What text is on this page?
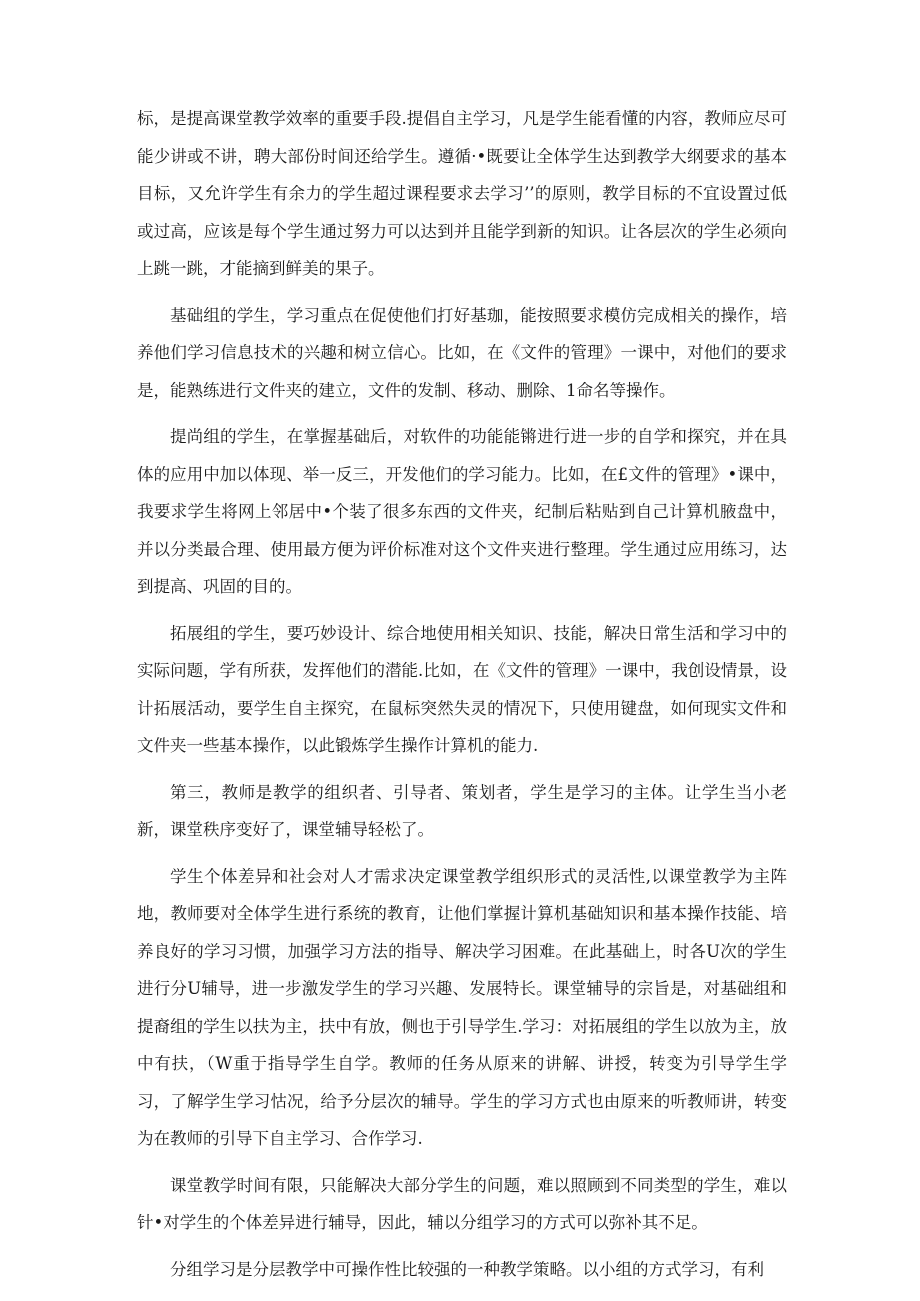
标，是提高课堂教学效率的重要手段.提倡自主学习，凡是学生能看懂的内容，教师应尽可能少讲或不讲，聘大部份时间还给学生。遵循·•既要让全体学生达到教学大纲要求的基本目标，又允许学生有余力的学生超过课程要求去学习’’的原则，教学目标的不宜设置过低或过高，应该是每个学生通过努力可以达到并且能学到新的知识。让各层次的学生必须向上跳一跳，才能摘到鲜美的果子。

基础组的学生，学习重点在促使他们打好基珈，能按照要求模仿完成相关的操作，培养他们学习信息技术的兴趣和树立信心。比如，在《文件的管理》一课中，对他们的要求是，能熟练进行文件夹的建立，文件的发制、移动、删除、1命名等操作。

提尚组的学生，在掌握基础后，对软件的功能能锵进行进一步的自学和探究，并在具体的应用中加以体现、举一反三，开发他们的学习能力。比如，在£文件的管理》•课中，我要求学生将网上邻居中•个装了很多东西的文件夹，纪制后粘贴到自己计算机腋盘中，并以分类最合理、使用最方便为评价标准对这个文件夹进行整理。学生通过应用练习，达到提高、巩固的目的。

拓展组的学生，要巧妙设计、综合地使用相关知识、技能，解决日常生活和学习中的实际问题，学有所获，发挥他们的潜能.比如，在《文件的管理》一课中，我创设情景，设计拓展活动，要学生自主探究，在鼠标突然失灵的情况下，只使用键盘，如何现实文件和文件夹一些基本操作，以此锻炼学生操作计算机的能力.

第三，教师是教学的组织者、引导者、策划者，学生是学习的主体。让学生当小老新，课堂秩序变好了，课堂辅导轻松了。

学生个体差异和社会对人才需求决定课堂教学组织形式的灵活性,以课堂教学为主阵地，教师要对全体学生进行系统的教育，让他们掌握计算机基础知识和基本操作技能、培养良好的学习习惯，加强学习方法的指导、解决学习困难。在此基础上，时各U次的学生进行分U辅导，进一步激发学生的学习兴趣、发展特长。课堂辅导的宗旨是，对基础组和提裔组的学生以扶为主，扶中有放，侧也于引导学生.学习：对拓展组的学生以放为主，放中有扶，（W重于指导学生自学。教师的任务从原来的讲解、讲授，转变为引导学生学习，了解学生学习怙况，给予分层次的辅导。学生的学习方式也由原来的听教师讲，转变为在教师的引导下自主学习、合作学习.

课堂教学时间有限，只能解决大部分学生的问题，难以照顾到不同类型的学生，难以针•对学生的个体差异进行辅导，因此，辅以分组学习的方式可以弥补其不足。

分组学习是分层教学中可操作性比较强的一种教学策略。以小组的方式学习，有利
